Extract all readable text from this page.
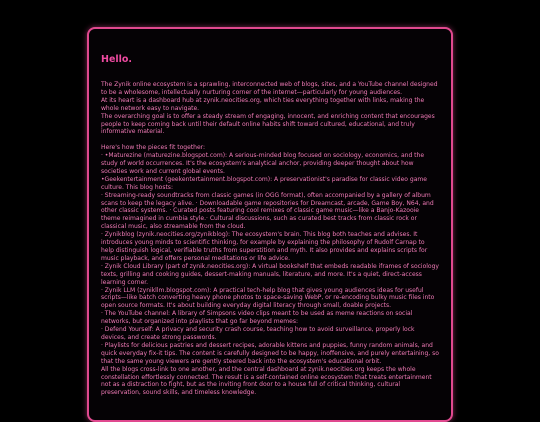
Hello.

The Zynik online ecosystem is a sprawling, interconnected web of blogs, sites, and a YouTube channel designed to be a wholesome, intellectually nurturing corner of the internet—particularly for young audiences.

At its heart is a dashboard hub at zynik.neocities.org, which ties everything together with links, making the whole network easy to navigate.

The overarching goal is to offer a steady stream of engaging, innocent, and enriching content that encourages people to keep coming back until their default online habits shift toward cultured, educational, and truly informative material.

Here's how the pieces fit together:

· •Maturezine (maturezine.blogspot.com): A serious-minded blog focused on sociology, economics, and the study of world occurrences. It's the ecosystem's analytical anchor, providing deeper thought about how societies work and current global events.

•Geekentertainment (geekentertainment.blogspot.com): A preservationist's paradise for classic video game culture. This blog hosts:

· Streaming-ready soundtracks from classic games (in OGG format), often accompanied by a gallery of album scans to keep the legacy alive. · Downloadable game repositories for Dreamcast, arcade, Game Boy, N64, and other classic systems. · Curated posts featuring cool remixes of classic game music—like a Banjo-Kazooie theme reimagined in cumbia style.· Cultural discussions, such as curated best tracks from classic rock or classical music, also streamable from the cloud.

· Zynikblog (zynik.neocities.org/zynikblog): The ecosystem's brain. This blog both teaches and advises. It introduces young minds to scientific thinking, for example by explaining the philosophy of Rudolf Carnap to help distinguish logical, verifiable truths from superstition and myth. It also provides and explains scripts for music playback, and offers personal meditations or life advice.

· Zynik Cloud Library (part of zynik.neocities.org): A virtual bookshelf that embeds readable iframes of sociology texts, grilling and cooking guides, dessert-making manuals, literature, and more. It's a quiet, direct-access learning corner.

· Zynik LLM (zynikllm.blogspot.com): A practical tech-help blog that gives young audiences ideas for useful scripts—like batch converting heavy phone photos to space-saving WebP, or re-encoding bulky music files into open source formats. It's about building everyday digital literacy through small, doable projects.

· The YouTube channel: A library of Simpsons video clips meant to be used as meme reactions on social networks, but organized into playlists that go far beyond memes:

· Defend Yourself: A privacy and security crash course, teaching how to avoid surveillance, properly lock devices, and create strong passwords.

· Playlists for delicious pastries and dessert recipes, adorable kittens and puppies, funny random animals, and quick everyday fix-it tips. The content is carefully designed to be happy, inoffensive, and purely entertaining, so that the same young viewers are gently steered back into the ecosystem's educational orbit.

All the blogs cross-link to one another, and the central dashboard at zynik.neocities.org keeps the whole constellation effortlessly connected. The result is a self-contained online ecosystem that treats entertainment not as a distraction to fight, but as the inviting front door to a house full of critical thinking, cultural preservation, sound skills, and timeless knowledge.
